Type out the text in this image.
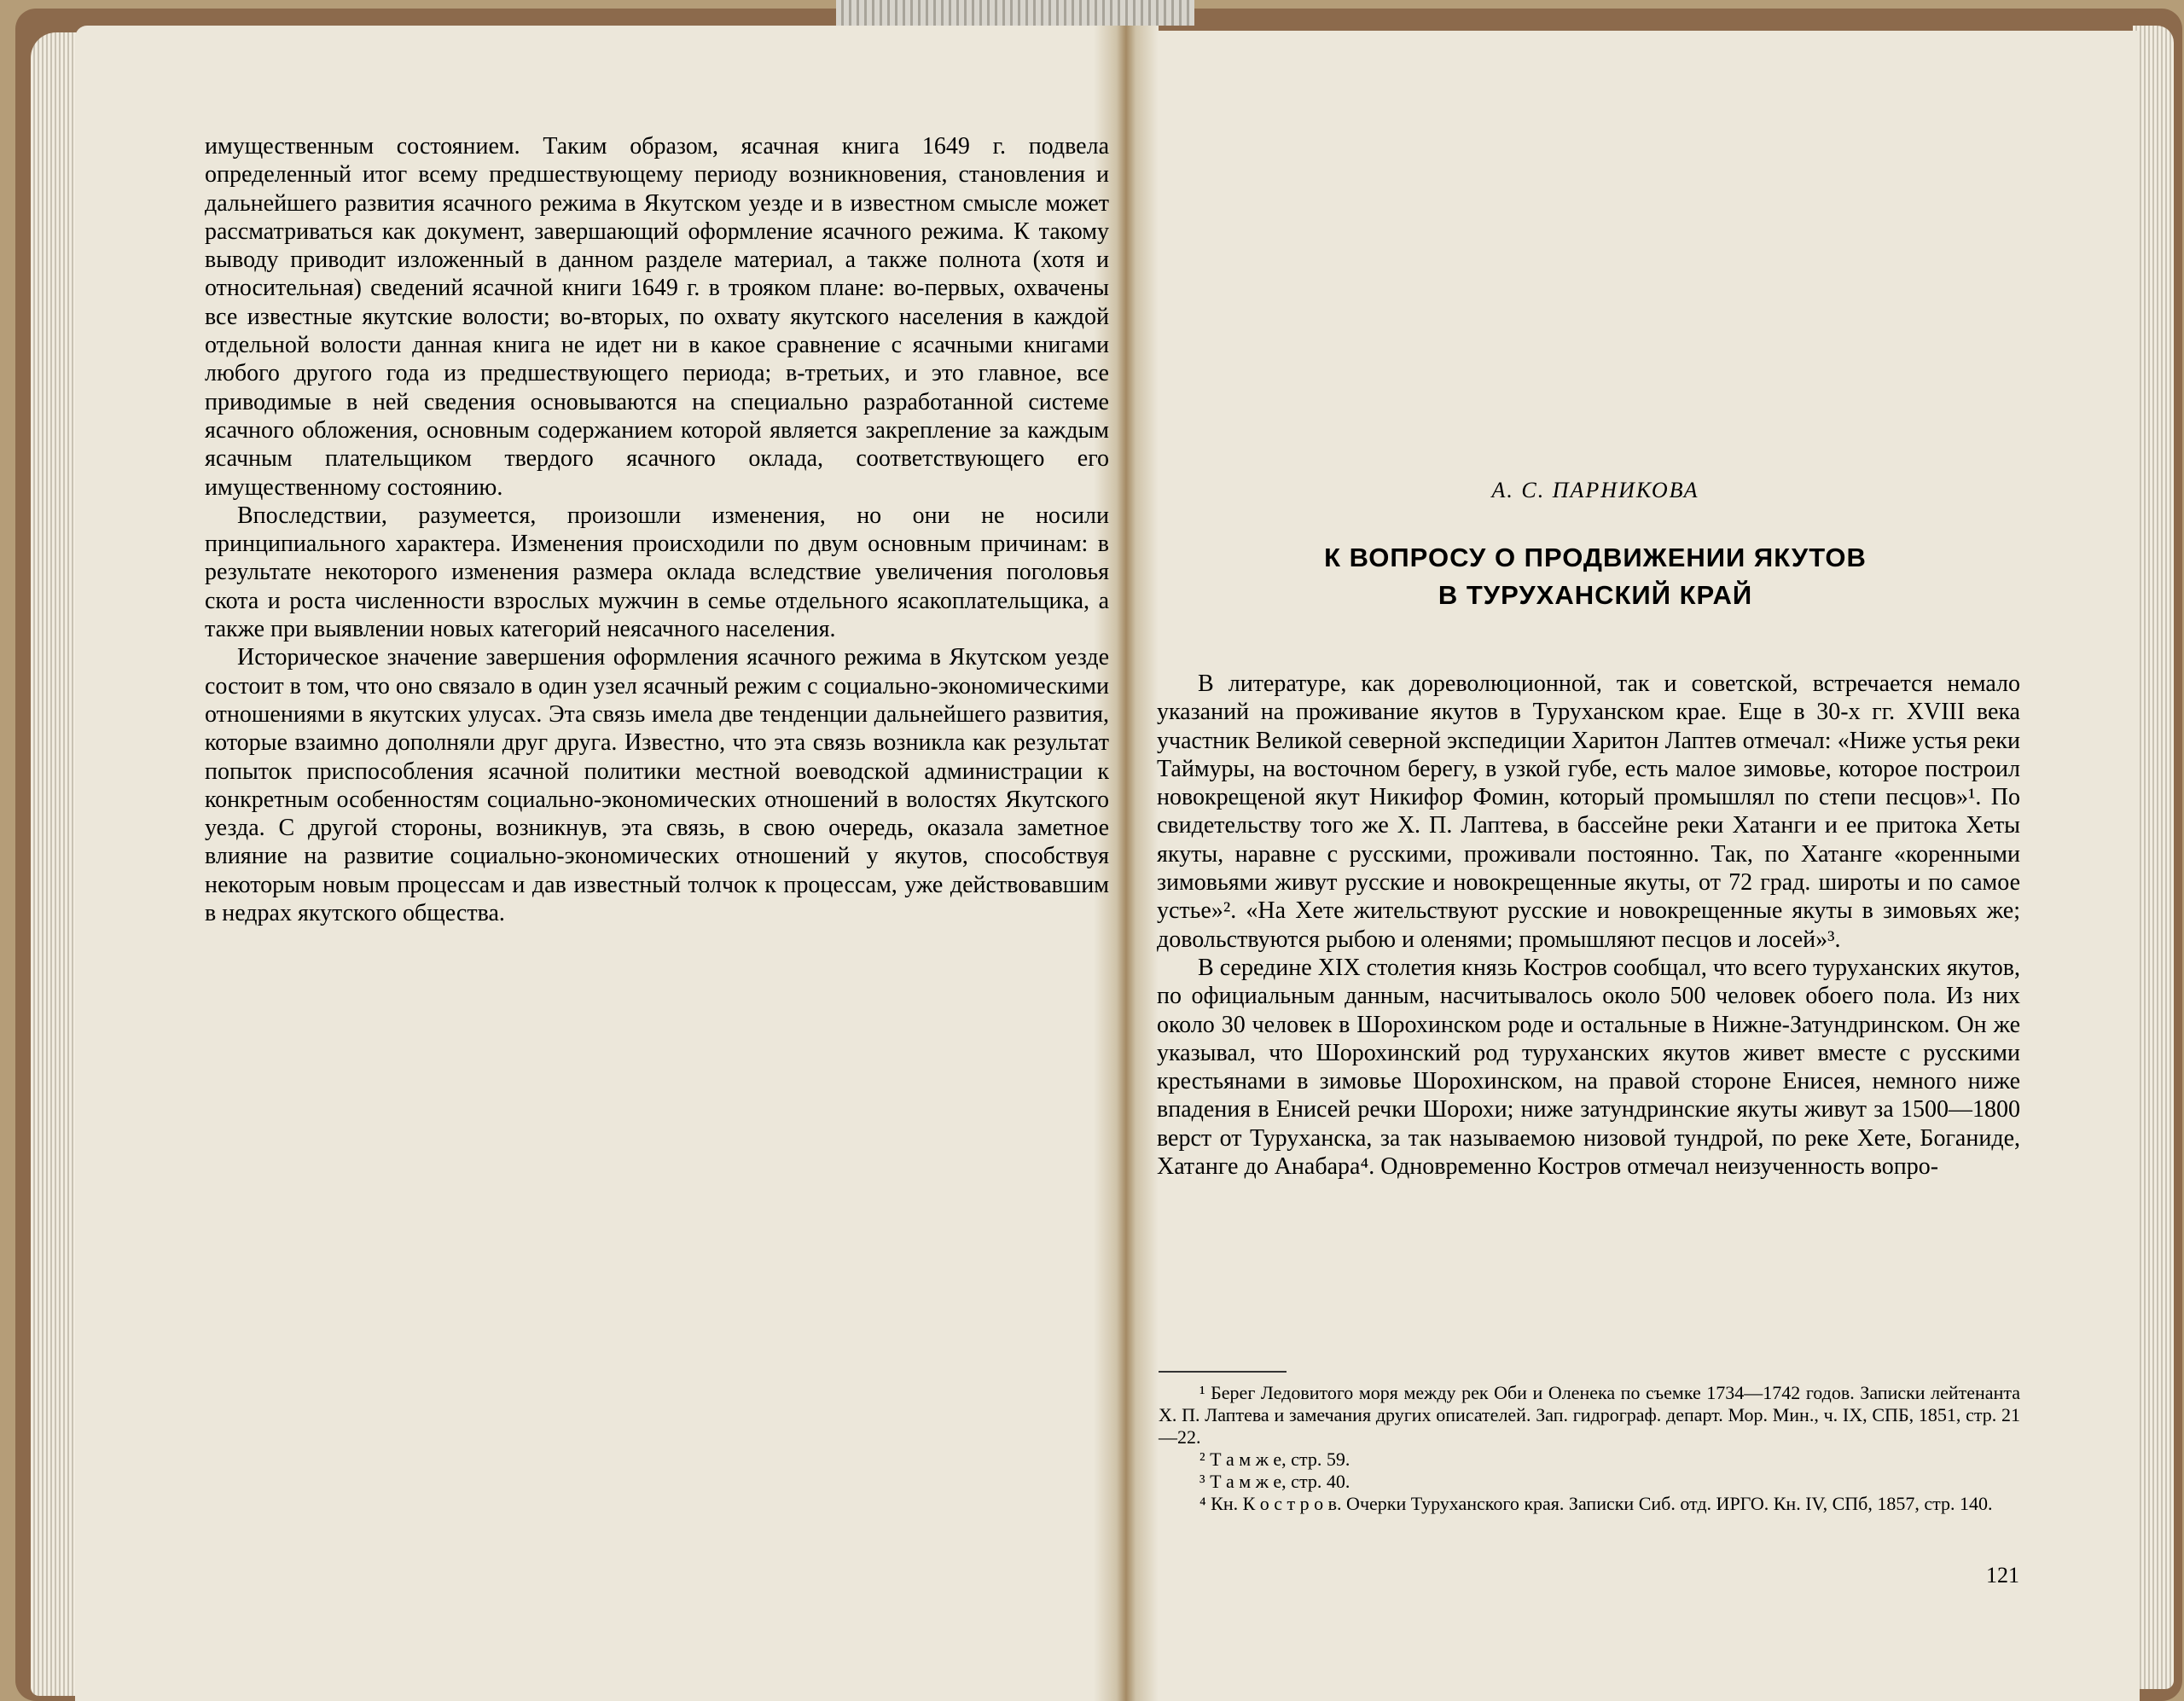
имущественным состоянием. Таким образом, ясачная книга 1649 г. подвела определенный итог всему предшествующему периоду возникновения, становления и дальнейшего развития ясачного режима в Якутском уезде и в известном смысле может рассматриваться как документ, завершающий оформление ясачного режима. К такому выводу приводит изложенный в данном разделе материал, а также полнота (хотя и относительная) сведений ясачной книги 1649 г. в трояком плане: во-первых, охвачены все известные якутские волости; во-вторых, по охвату якутского населения в каждой отдельной волости данная книга не идет ни в какое сравнение с ясачными книгами любого другого года из предшествующего периода; в-третьих, и это главное, все приводимые в ней сведения основываются на специально разработанной системе ясачного обложения, основным содержанием которой является закрепление за каждым ясачным плательщиком твердого ясачного оклада, соответствующего его имущественному состоянию.

Впоследствии, разумеется, произошли изменения, но они не носили принципиального характера. Изменения происходили по двум основным причинам: в результате некоторого изменения размера оклада вследствие увеличения поголовья скота и роста численности взрослых мужчин в семье отдельного ясакоплательщика, а также при выявлении новых категорий неясачного населения.

Историческое значение завершения оформления ясачного режима в Якутском уезде состоит в том, что оно связало в один узел ясачный режим с социально-экономическими отношениями в якутских улусах. Эта связь имела две тенденции дальнейшего развития, которые взаимно дополняли друг друга. Известно, что эта связь возникла как результат попыток приспособления ясачной политики местной воеводской администрации к конкретным особенностям социально-экономических отношений в волостях Якутского уезда. С другой стороны, возникнув, эта связь, в свою очередь, оказала заметное влияние на развитие социально-экономических отношений у якутов, способствуя некоторым новым процессам и дав известный толчок к процессам, уже действовавшим в недрах якутского общества.

А. С. ПАРНИКОВА
К ВОПРОСУ О ПРОДВИЖЕНИИ ЯКУТОВ
В ТУРУХАНСКИЙ КРАЙ

В литературе, как дореволюционной, так и советской, встречается немало указаний на проживание якутов в Туруханском крае. Еще в 30-х гг. XVIII века участник Великой северной экспедиции Харитон Лаптев отмечал: «Ниже устья реки Таймуры, на восточном берегу, в узкой губе, есть малое зимовье, которое построил новокрещеной якут Никифор Фомин, который промышлял по степи песцов»¹. По свидетельству того же Х. П. Лаптева, в бассейне реки Хатанги и ее притока Хеты якуты, наравне с русскими, проживали постоянно. Так, по Хатанге «коренными зимовьями живут русские и новокрещенные якуты, от 72 град. широты и по самое устье»². «На Хете жительствуют русские и новокрещенные якуты в зимовьях же; довольствуются рыбою и оленями; промышляют песцов и лосей»³.

В середине XIX столетия князь Костров сообщал, что всего туруханских якутов, по официальным данным, насчитывалось около 500 человек обоего пола. Из них около 30 человек в Шорохинском роде и остальные в Нижне-Затундринском. Он же указывал, что Шорохинский род туруханских якутов живет вместе с русскими крестьянами в зимовье Шорохинском, на правой стороне Енисея, немного ниже впадения в Енисей речки Шорохи; ниже затундринские якуты живут за 1500—1800 верст от Туруханска, за так называемою низовой тундрой, по реке Хете, Боганиде, Хатанге до Анабара⁴. Одновременно Костров отмечал неизученность вопро-

¹ Берег Ледовитого моря между рек Оби и Оленека по съемке 1734—1742 годов. Записки лейтенанта Х. П. Лаптева и замечания других описателей. Зап. гидрограф. департ. Мор. Мин., ч. IX, СПБ, 1851, стр. 21—22.

² Т а м ж е, стр. 59.

³ Т а м ж е, стр. 40.

⁴ Кн. К о с т р о в. Очерки Туруханского края. Записки Сиб. отд. ИРГО. Кн. IV, СПб, 1857, стр. 140.

121
